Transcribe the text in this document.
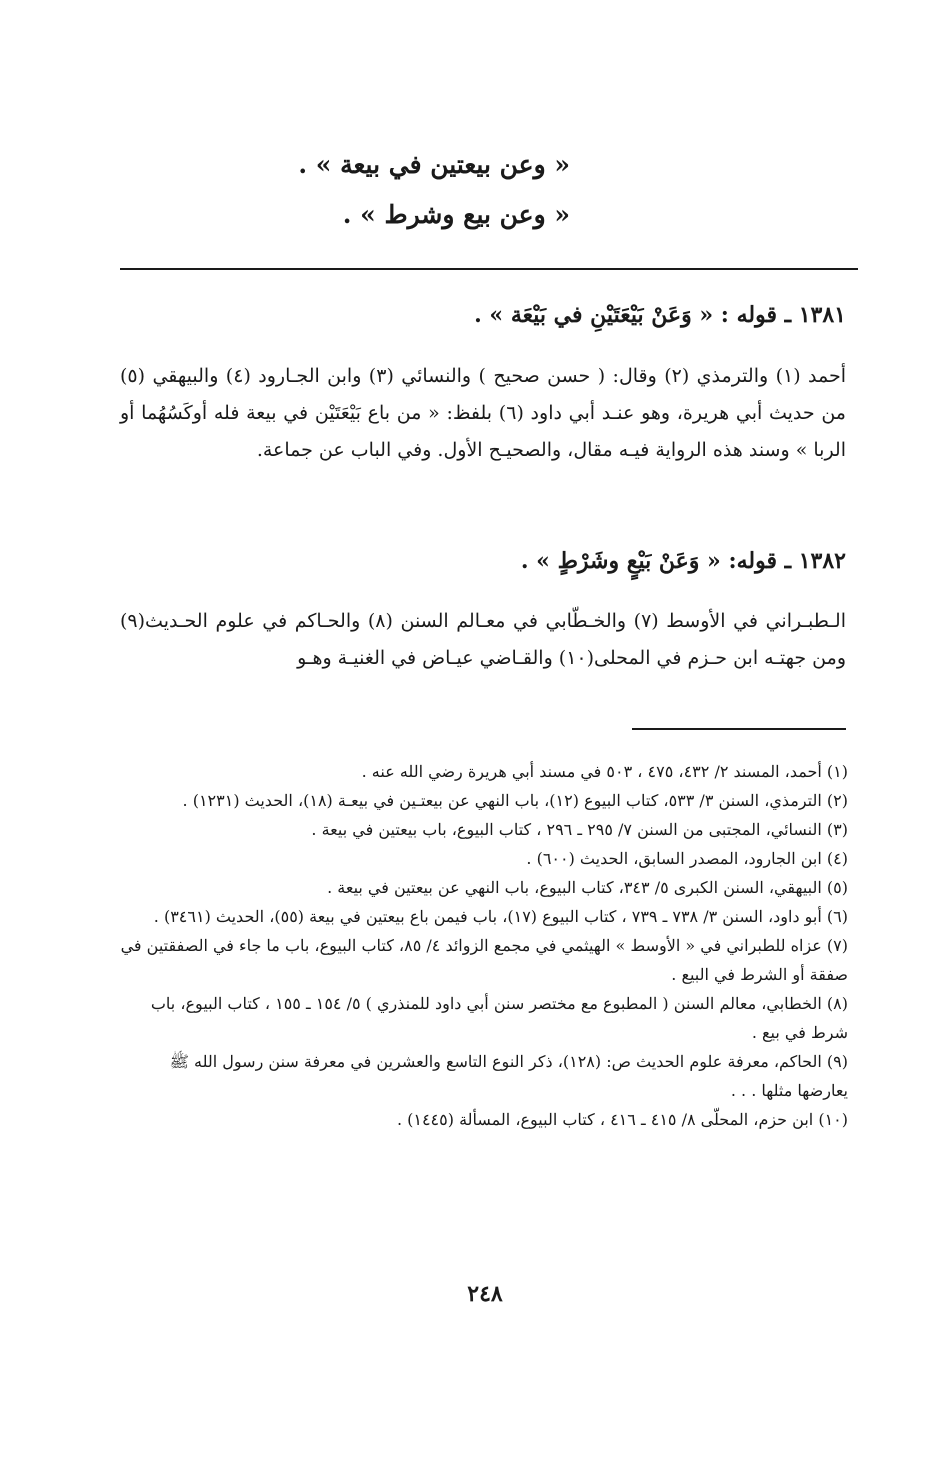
« وعن بيعتين في بيعة » .
« وعن بيع وشرط » .
١٣٨١ ـ قوله : « وَعَنْ بَيْعَتَيْنِ في بَيْعَة » .
أحمد (١) والترمذي (٢) وقال: ( حسن صحيح ) والنسائي (٣) وابن الجـارود (٤) والبيهقي (٥) من حديث أبي هريرة، وهو عنـد أبي داود (٦) بلفظ: « من باع بَيْعَتَيْن في بيعة فله أوكَسُهُما أو الربا » وسند هذه الرواية فيـه مقال، والصحيـح الأول. وفي الباب عن جماعة.
١٣٨٢ ـ قوله: « وَعَنْ بَيْعٍ وشَرْطٍ » .
الـطبـراني في الأوسط (٧) والخـطّابي في معـالم السنن (٨) والحـاكم في علوم الحـديث(٩) ومن جهتـه ابن حـزم في المحلى(١٠) والقـاضي عيـاض في الغنيـة وهـو

(١) أحمد، المسند ٢/ ٤٣٢، ٤٧٥ ، ٥٠٣ في مسند أبي هريرة رضي الله عنه .

(٢) الترمذي، السنن ٣/ ٥٣٣، كتاب البيوع (١٢)، باب النهي عن بيعتـين في بيعـة (١٨)، الحديث (١٢٣١) .

(٣) النسائي، المجتبى من السنن ٧/ ٢٩٥ ـ ٢٩٦ ، كتاب البيوع، باب بيعتين في بيعة .

(٤) ابن الجارود، المصدر السابق، الحديث (٦٠٠) .

(٥) البيهقي، السنن الكبرى ٥/ ٣٤٣، كتاب البيوع، باب النهي عن بيعتين في بيعة .

(٦) أبو داود، السنن ٣/ ٧٣٨ ـ ٧٣٩ ، كتاب البيوع (١٧)، باب فيمن باع بيعتين في بيعة (٥٥)، الحديث (٣٤٦١) .

(٧) عزاه للطبراني في « الأوسط » الهيثمي في مجمع الزوائد ٤/ ٨٥، كتاب البيوع، باب ما جاء في الصفقتين في صفقة أو الشرط في البيع .

(٨) الخطابي، معالم السنن ( المطبوع مع مختصر سنن أبي داود للمنذري ) ٥/ ١٥٤ ـ ١٥٥ ، كتاب البيوع، باب شرط في بيع .

(٩) الحاكم، معرفة علوم الحديث ص: (١٢٨)، ذكر النوع التاسع والعشرين في معرفة سنن رسول الله ﷺ يعارضها مثلها . . .

(١٠) ابن حزم، المحلّى ٨/ ٤١٥ ـ ٤١٦ ، كتاب البيوع، المسألة (١٤٤٥) .

٢٤٨
